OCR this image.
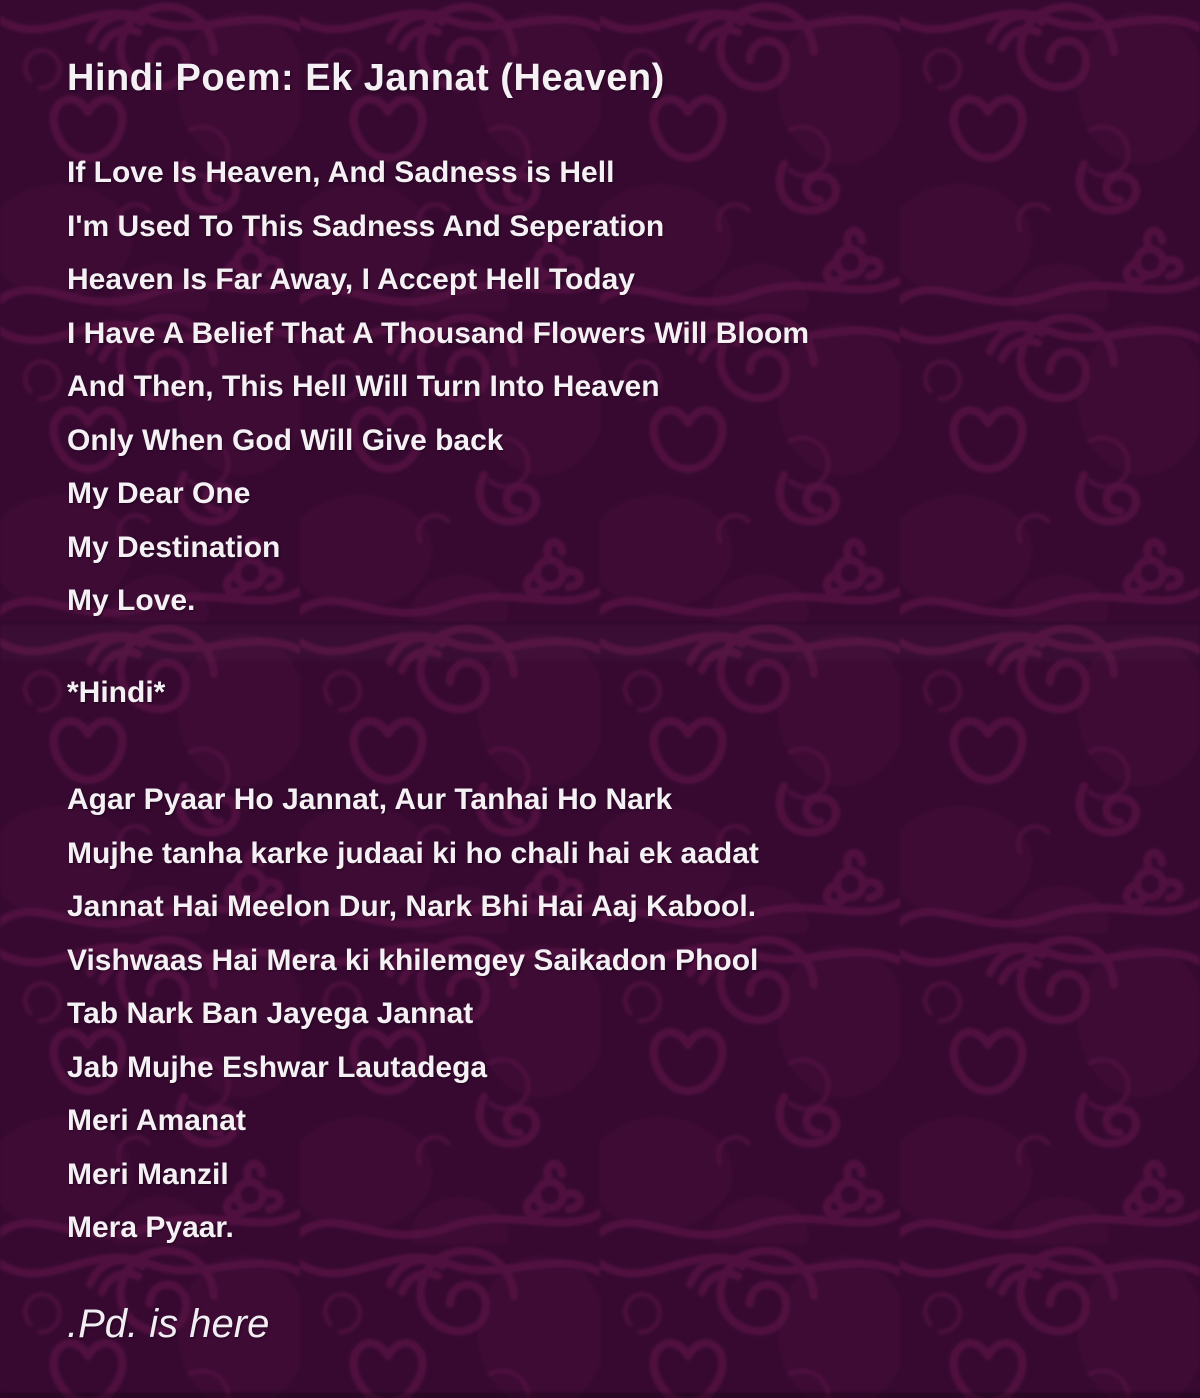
Hindi Poem: Ek Jannat (Heaven)
If Love Is Heaven, And Sadness is Hell
I'm Used To This Sadness And Seperation
Heaven Is Far Away, I Accept Hell Today
I Have A Belief That A Thousand Flowers Will Bloom
And Then, This Hell Will Turn Into Heaven
Only When God Will Give back
My Dear One
My Destination
My Love.
*Hindi*
Agar Pyaar Ho Jannat, Aur Tanhai Ho Nark
Mujhe tanha karke judaai ki ho chali hai ek aadat
Jannat Hai Meelon Dur, Nark Bhi Hai Aaj Kabool.
Vishwaas Hai Mera ki khilemgey Saikadon Phool
Tab Nark Ban Jayega Jannat
Jab Mujhe Eshwar Lautadega
Meri Amanat
Meri Manzil
Mera Pyaar.
.Pd. is here
